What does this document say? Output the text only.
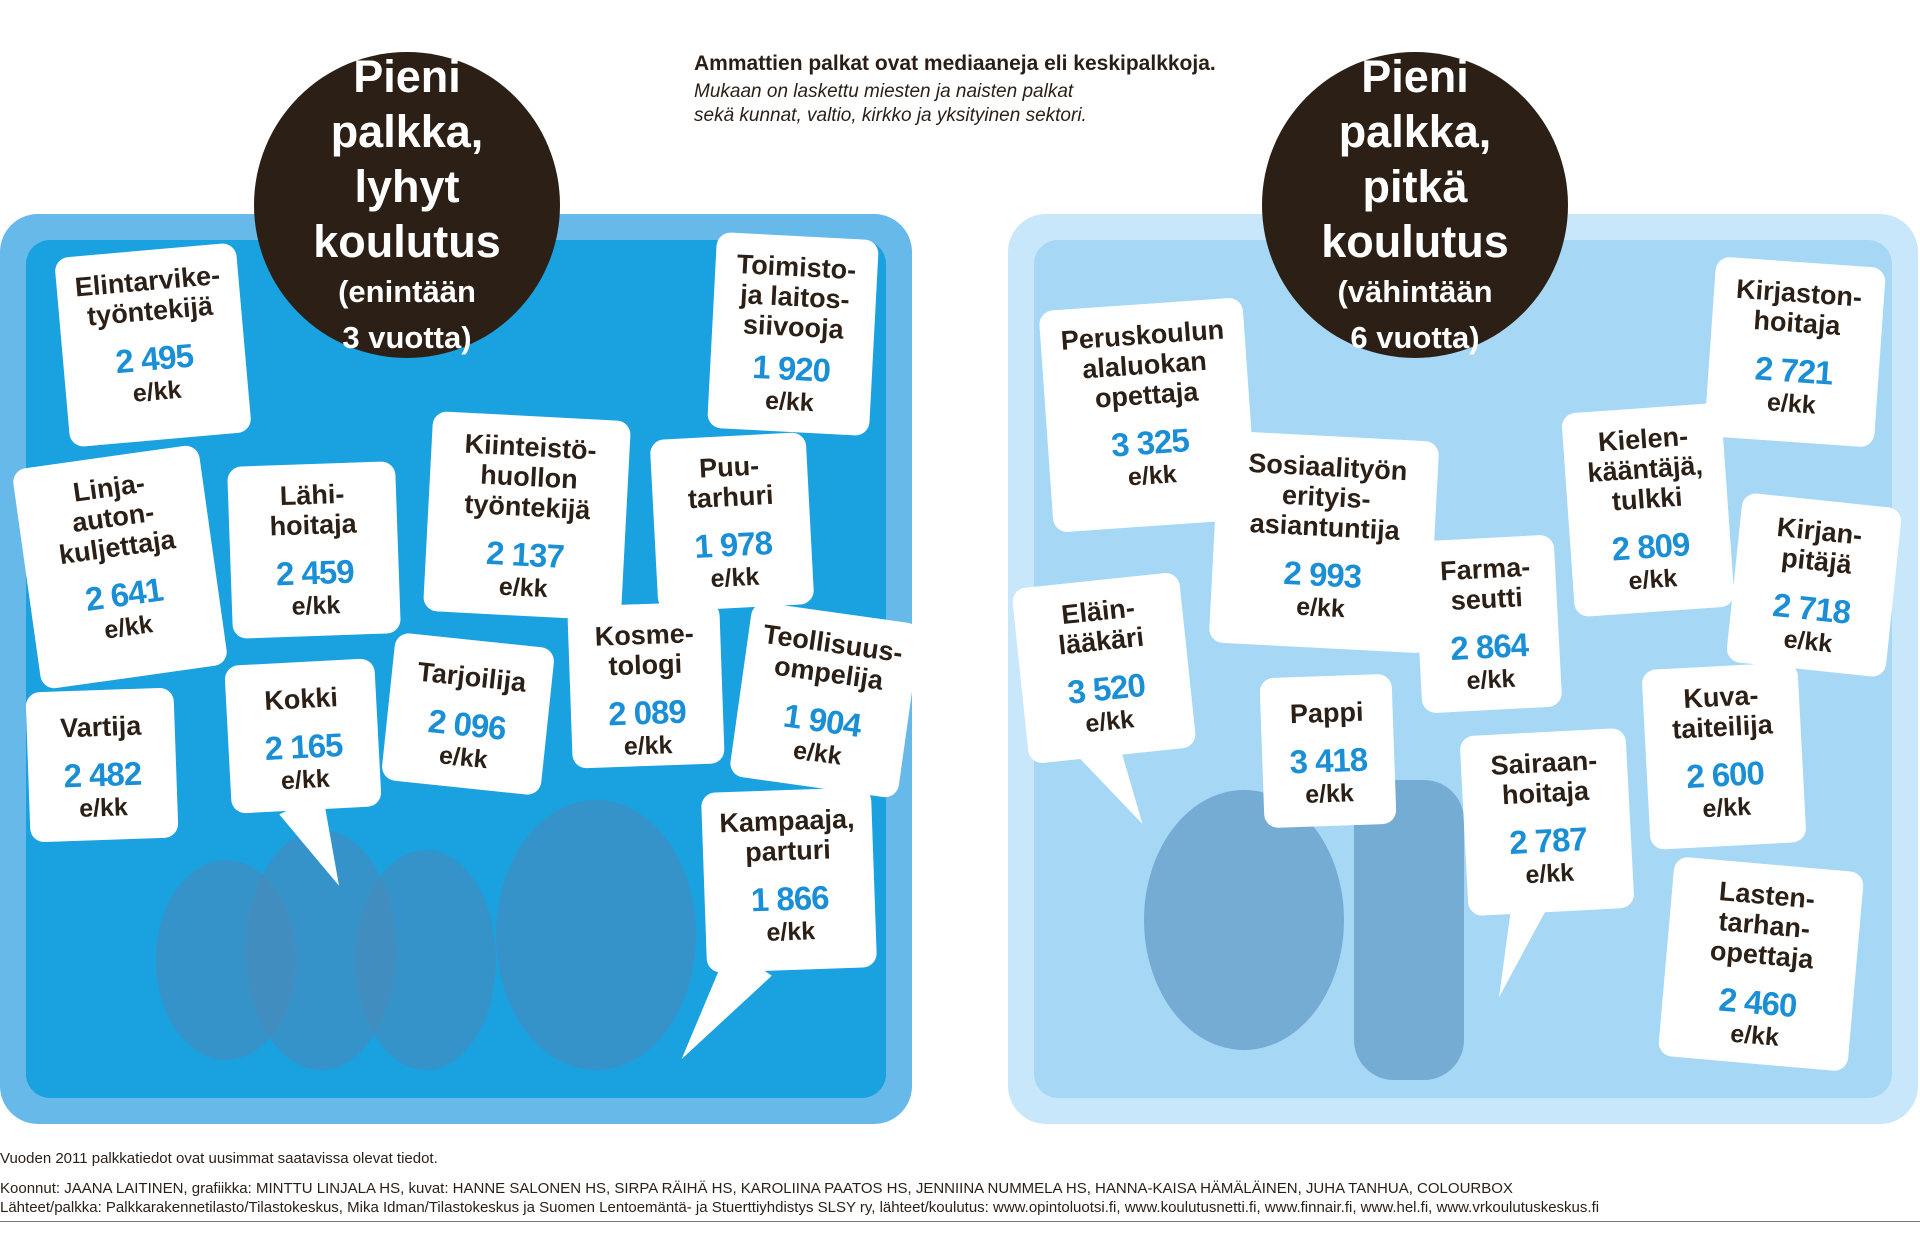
Ammattien palkat ovat mediaaneja eli keskipalkkoja.
Mukaan on laskettu miesten ja naisten palkat
sekä kunnat, valtio, kirkko ja yksityinen sektori.
Pieni
palkka,
lyhyt
koulutus
(enintään
3 vuotta)
Pieni
palkka,
pitkä
koulutus
(vähintään
6 vuotta)
Elintarvike-
työntekijä
2 495
e/kk
Toimisto-
ja laitos-
siivooja
1 920
e/kk
Linja-
auton-
kuljettaja
2 641
e/kk
Lähi-
hoitaja
2 459
e/kk
Kiinteistö-
huollon
työntekijä
2 137
e/kk
Puu-
tarhuri
1 978
e/kk
Kosme-
tologi
2 089
e/kk
Teollisuus-
ompelija
1 904
e/kk
Vartija
2 482
e/kk
Kokki
2 165
e/kk
Tarjoilija
2 096
e/kk
Kampaaja,
parturi
1 866
e/kk
Peruskoulun
alaluokan
opettaja
3 325
e/kk
Kirjaston-
hoitaja
2 721
e/kk
Sosiaalityön
erityis-
asiantuntija
2 993
e/kk
Kielen-
kääntäjä,
tulkki
2 809
e/kk
Farma-
seutti
2 864
e/kk
Kirjan-
pitäjä
2 718
e/kk
Eläin-
lääkäri
3 520
e/kk	Pappi
3 418
e/kk
Sairaan-
hoitaja
2 787
e/kk
Kuva-
taiteilija
2 600
e/kk
Lasten-
tarhan-
opettaja
2 460
e/kk
Vuoden 2011 palkkatiedot ovat uusimmat saatavissa olevat tiedot.
Koonnut: JAANA LAITINEN, grafiikka: MINTTU LINJALA HS, kuvat: HANNE SALONEN HS, SIRPA RÄIHÄ HS, KAROLIINA PAATOS HS, JENNIINA NUMMELA HS, HANNA-KAISA HÄMÄLÄINEN, JUHA TANHUA, COLOURBOX
Lähteet/palkka: Palkkarakennetilasto/Tilastokeskus, Mika Idman/Tilastokeskus ja Suomen Lentoemäntä- ja Stuerttiyhdistys SLSY ry, lähteet/koulutus: www.opintoluotsi.fi, www.koulutusnetti.fi, www.finnair.fi, www.hel.fi, www.vrkoulutuskeskus.fi
